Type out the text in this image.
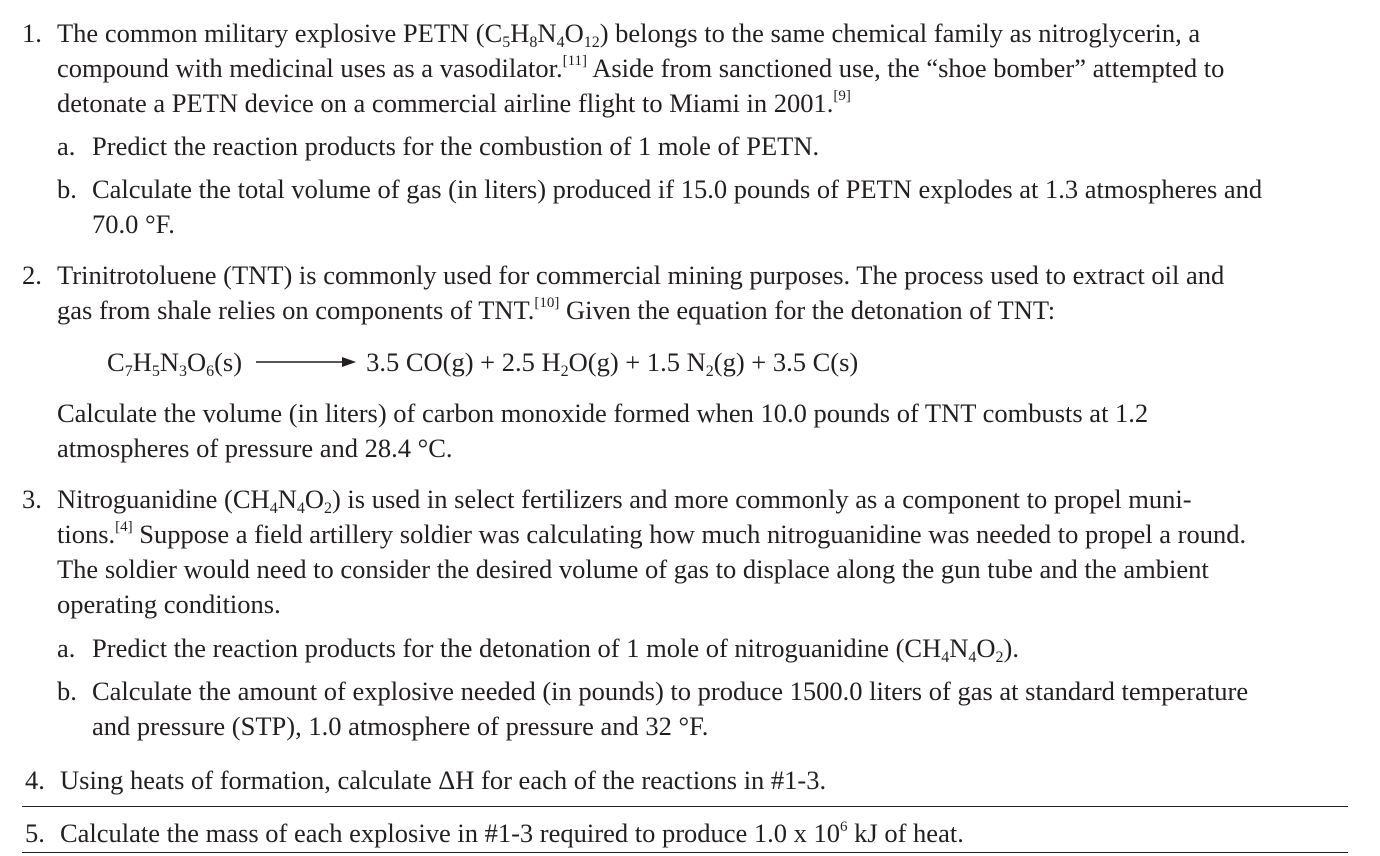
1. The common military explosive PETN $(C_5H_8N_4O_{12})$ belongs to the same chemical family as nitroglycerin, a
compound with medicinal uses as a vasodilator.[11] Aside from sanctioned use, the “shoe bomber” attempted to
detonate a PETN device on a commercial airline flight to Miami in 2001.[9]
a. Predict the reaction products for the combustion of 1 mole of PETN.
b. Calculate the total volume of gas (in liters) produced if 15.0 pounds of PETN explodes at 1.3 atmospheres and
70.0 °F.
2. Trinitrotoluene (TNT) is commonly used for commercial mining purposes. The process used to extract oil and
gas from shale relies on components of TNT.[10] Given the equation for the detonation of TNT:
$C_7H_5N_3O_6(s) \to 3.5$ CO(g) + 2.5 $H_2O(g) + 1.5$ $N_2(g) + 3.5$ C(s)
Calculate the volume (in liters) of carbon monoxide formed when 10.0 pounds of TNT combusts at 1.2
atmospheres of pressure and 28.4 °C.
3. Nitroguanidine $(CH_4N_4O_2)$ is used in select fertilizers and more commonly as a component to propel muni-
tions.[4] Suppose a field artillery soldier was calculating how much nitroguanidine was needed to propel a round.
The soldier would need to consider the desired volume of gas to displace along the gun tube and the ambient
operating conditions.
a. Predict the reaction products for the detonation of 1 mole of nitroguanidine $(CH_4N_4O_2)$.
b. Calculate the amount of explosive needed (in pounds) to produce 1500.0 liters of gas at standard temperature
and pressure (STP), 1.0 atmosphere of pressure and 32 °F.
4. Using heats of formation, calculate ΔH for each of the reactions in #1-3.
5. Calculate the mass of each explosive in #1-3 required to produce 1.0 x $10^6$ kJ of heat.
